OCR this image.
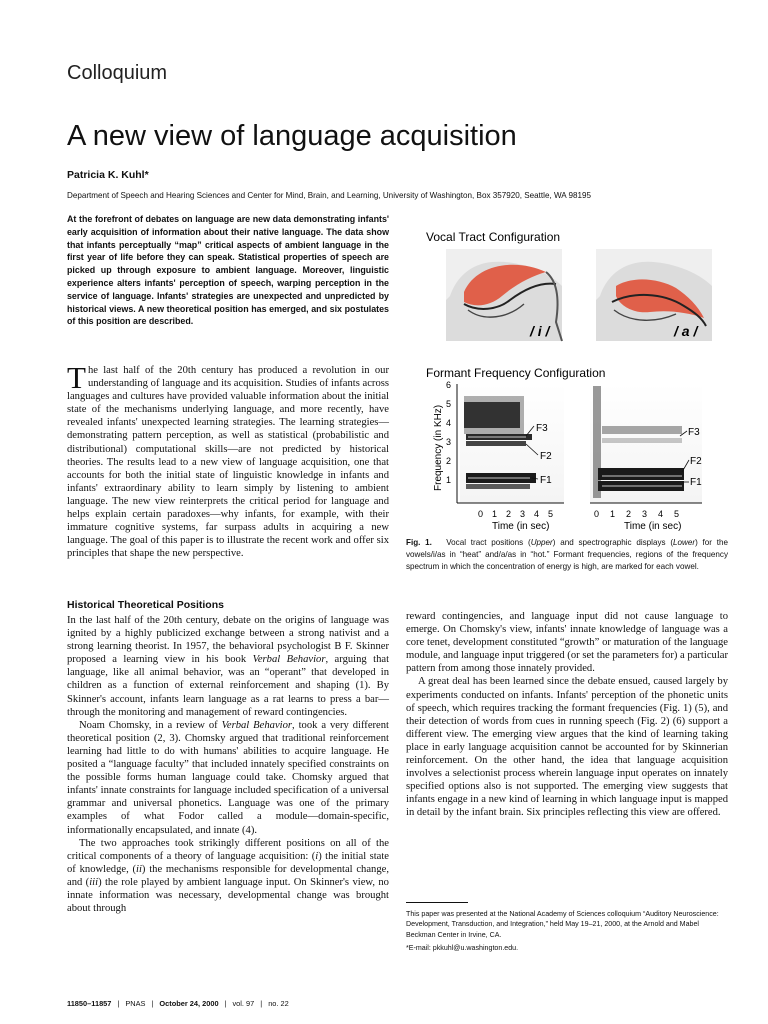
Colloquium
A new view of language acquisition
Patricia K. Kuhl*
Department of Speech and Hearing Sciences and Center for Mind, Brain, and Learning, University of Washington, Box 357920, Seattle, WA 98195

At the forefront of debates on language are new data demonstrating infants' early acquisition of information about their native language. The data show that infants perceptually “map” critical aspects of ambient language in the first year of life before they can speak. Statistical properties of speech are picked up through exposure to ambient language. Moreover, linguistic experience alters infants' perception of speech, warping perception in the service of language. Infants' strategies are unexpected and unpredicted by historical views. A new theoretical position has emerged, and six postulates of this position are described.

The last half of the 20th century has produced a revolution in our understanding of language and its acquisition. Studies of infants across languages and cultures have provided valuable information about the initial state of the mechanisms underlying language, and more recently, have revealed infants' unexpected learning strategies. The learning strategies—demonstrating pattern perception, as well as statistical (probabilistic and distributional) computational skills—are not predicted by historical theories. The results lead to a new view of language acquisition, one that accounts for both the initial state of linguistic knowledge in infants and infants' extraordinary ability to learn simply by listening to ambient language. The new view reinterprets the critical period for language and helps explain certain paradoxes—why infants, for example, with their immature cognitive systems, far surpass adults in acquiring a new language. The goal of this paper is to illustrate the recent work and offer six principles that shape the new perspective.

Historical Theoretical Positions

In the last half of the 20th century, debate on the origins of language was ignited by a highly publicized exchange between a strong nativist and a strong learning theorist. In 1957, the behavioral psychologist B F. Skinner proposed a learning view in his book Verbal Behavior, arguing that language, like all animal behavior, was an “operant” that developed in children as a function of external reinforcement and shaping (1). By Skinner's account, infants learn language as a rat learns to press a bar—through the monitoring and management of reward contingencies.

Noam Chomsky, in a review of Verbal Behavior, took a very different theoretical position (2, 3). Chomsky argued that traditional reinforcement learning had little to do with humans' abilities to acquire language. He posited a “language faculty” that included innately specified constraints on the possible forms human language could take. Chomsky argued that infants' innate constraints for language included specification of a universal grammar and universal phonetics. Language was one of the primary examples of what Fodor called a module—domain-specific, informationally encapsulated, and innate (4).

The two approaches took strikingly different positions on all of the critical components of a theory of language acquisition: (i) the initial state of knowledge, (ii) the mechanisms responsible for developmental change, and (iii) the role played by ambient language input. On Skinner's view, no innate information was necessary, developmental change was brought about through

reward contingencies, and language input did not cause language to emerge. On Chomsky's view, infants' innate knowledge of language was a core tenet, development constituted “growth” or maturation of the language module, and language input triggered (or set the parameters for) a particular pattern from among those innately provided.

A great deal has been learned since the debate ensued, caused largely by experiments conducted on infants. Infants' perception of the phonetic units of speech, which requires tracking the formant frequencies (Fig. 1) (5), and their detection of words from cues in running speech (Fig. 2) (6) support a different view. The emerging view argues that the kind of learning taking place in early language acquisition cannot be accounted for by Skinnerian reinforcement. On the other hand, the idea that language acquisition involves a selectionist process wherein language input operates on innately specified options also is not supported. The emerging view suggests that infants engage in a new kind of learning in which language input is mapped in detail by the infant brain. Six principles reflecting this view are offered.

Vocal Tract Configuration
/ i /	/ a /
Formant Frequency Configuration
Frequency (in KHz)
6
5
4
3
2
1
F3
F2
F1
F3
F2
F1
0 1 2 3 4 5
Time (in sec)
0 1 2 3 4 5
Time (in sec)

Fig. 1. Vocal tract positions (Upper) and spectrographic displays (Lower) for the vowels/i/as in “heat” and/a/as in “hot.” Formant frequencies, regions of the frequency spectrum in which the concentration of energy is high, are marked for each vowel.

This paper was presented at the National Academy of Sciences colloquium “Auditory Neuroscience: Development, Transduction, and Integration,” held May 19–21, 2000, at the Arnold and Mabel Beckman Center in Irvine, CA.

*E-mail: pkkuhl@u.washington.edu.

11850–11857 | PNAS | October 24, 2000 | vol. 97 | no. 22
